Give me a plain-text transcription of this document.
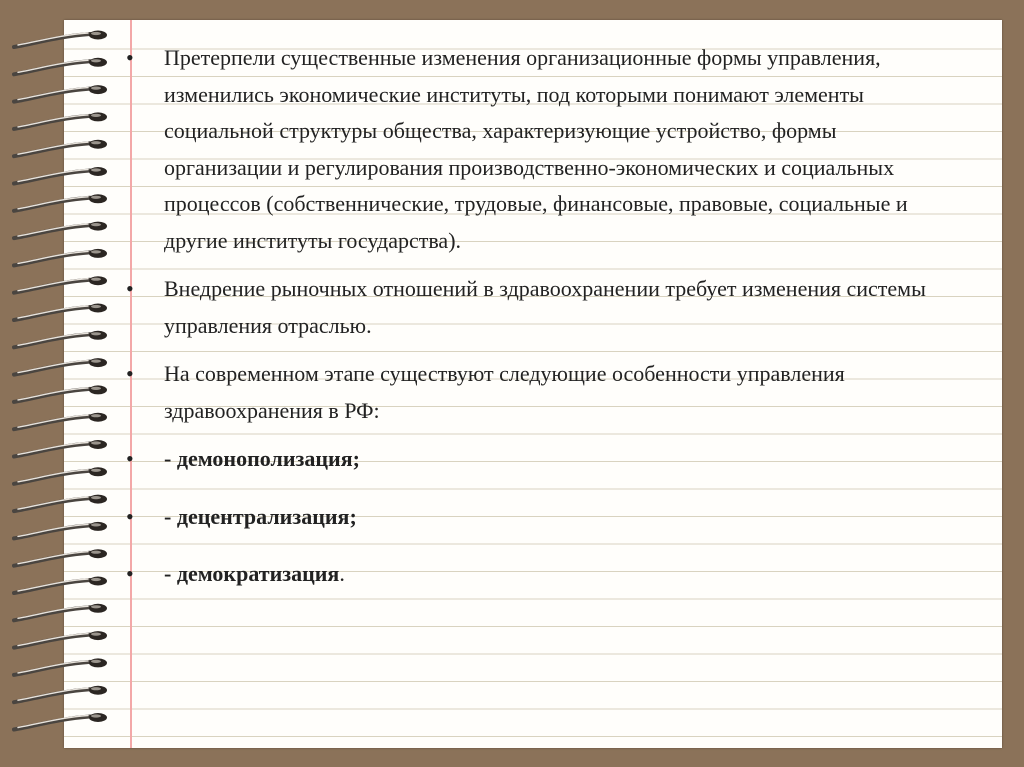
• Претерпели существенные изменения организационные формы управления, изменились экономические институты, под которыми понимают элементы социальной структуры общества, характеризующие устройство, формы организации и регулирования производственно-экономических и социальных процессов (собственнические, трудовые, финансовые, правовые, социальные и другие институты государства).
• Внедрение рыночных отношений в здравоохранении требует изменения системы управления отраслью.
• На современном этапе существуют следующие особенности управления здравоохранения в РФ:
• - демонополизация;
• - децентрализация;
• - демократизация.
